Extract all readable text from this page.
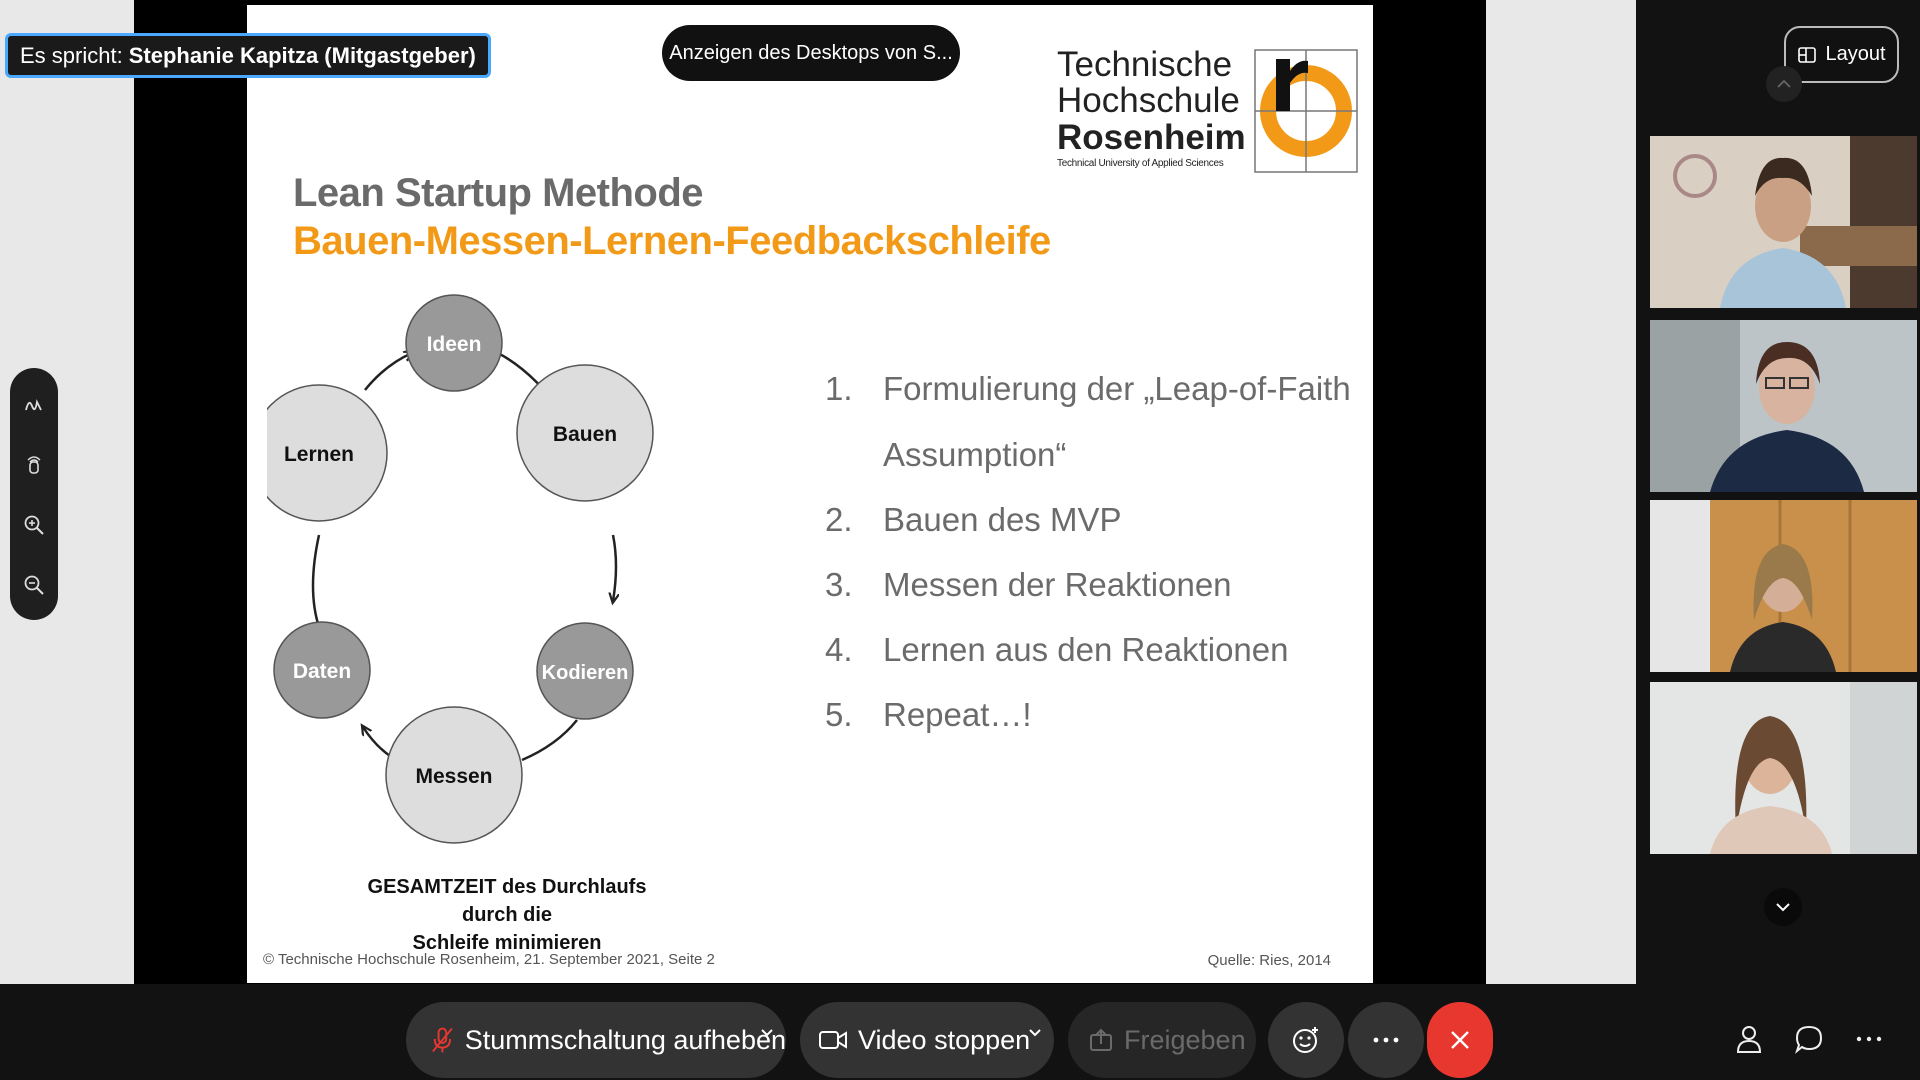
Technische
Hochschule
Rosenheim
Technical University of Applied Sciences
Lean Startup Methode
Bauen-Messen-Lernen-Feedbackschleife
Ideen
Bauen
Kodieren
Messen
Daten
Lernen
GESAMTZEIT des Durchlaufs durch die
Schleife minimieren
1. Formulierung der „Leap-of-Faith
Assumption“
2. Bauen des MVP
3. Messen der Reaktionen
4. Lernen aus den Reaktionen
5. Repeat…!
© Technische Hochschule Rosenheim, 21. September 2021, Seite 2	Quelle: Ries, 2014
Es spricht: Stephanie Kapitza (Mitgastgeber)	Anzeigen des Desktops von S...	Layout
Stummschaltung aufheben	Video stoppen	Freigeben
